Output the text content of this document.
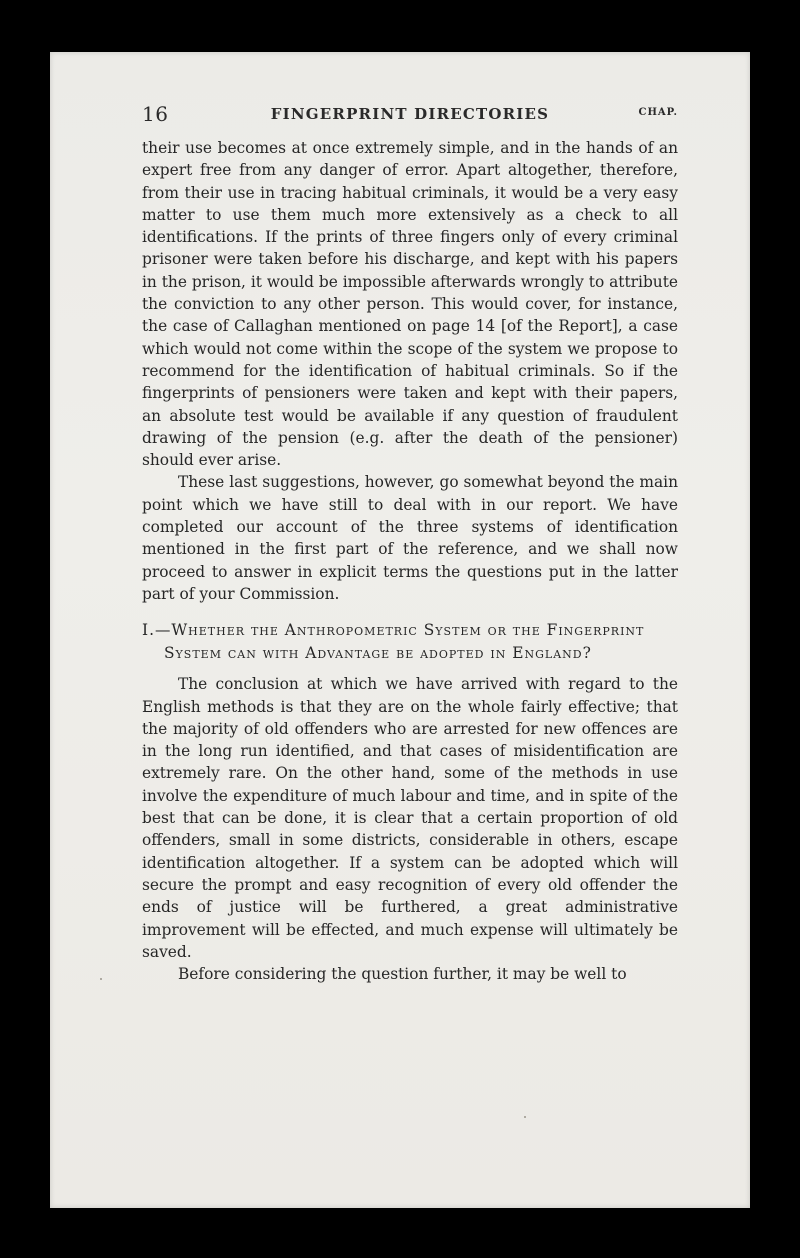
16	FINGERPRINT DIRECTORIES	CHAP.

their use becomes at once extremely simple, and in the hands of an expert free from any danger of error. Apart altogether, therefore, from their use in tracing habitual criminals, it would be a very easy matter to use them much more extensively as a check to all identifications. If the prints of three fingers only of every criminal prisoner were taken before his discharge, and kept with his papers in the prison, it would be impossible afterwards wrongly to attribute the conviction to any other person. This would cover, for instance, the case of Callaghan mentioned on page 14 [of the Report], a case which would not come within the scope of the system we propose to recommend for the identification of habitual criminals. So if the fingerprints of pensioners were taken and kept with their papers, an absolute test would be available if any question of fraudulent drawing of the pension (e.g. after the death of the pensioner) should ever arise.

These last suggestions, however, go somewhat beyond the main point which we have still to deal with in our report. We have completed our account of the three systems of identification mentioned in the first part of the reference, and we shall now proceed to answer in explicit terms the questions put in the latter part of your Commission.

I.—Whether the Anthropometric System or the Fingerprint System can with Advantage be adopted in England?

The conclusion at which we have arrived with regard to the English methods is that they are on the whole fairly effective; that the majority of old offenders who are arrested for new offences are in the long run identified, and that cases of misidentification are extremely rare. On the other hand, some of the methods in use involve the expenditure of much labour and time, and in spite of the best that can be done, it is clear that a certain proportion of old offenders, small in some districts, considerable in others, escape identification altogether. If a system can be adopted which will secure the prompt and easy recognition of every old offender the ends of justice will be furthered, a great administrative improvement will be effected, and much expense will ultimately be saved.

Before considering the question further, it may be well to
